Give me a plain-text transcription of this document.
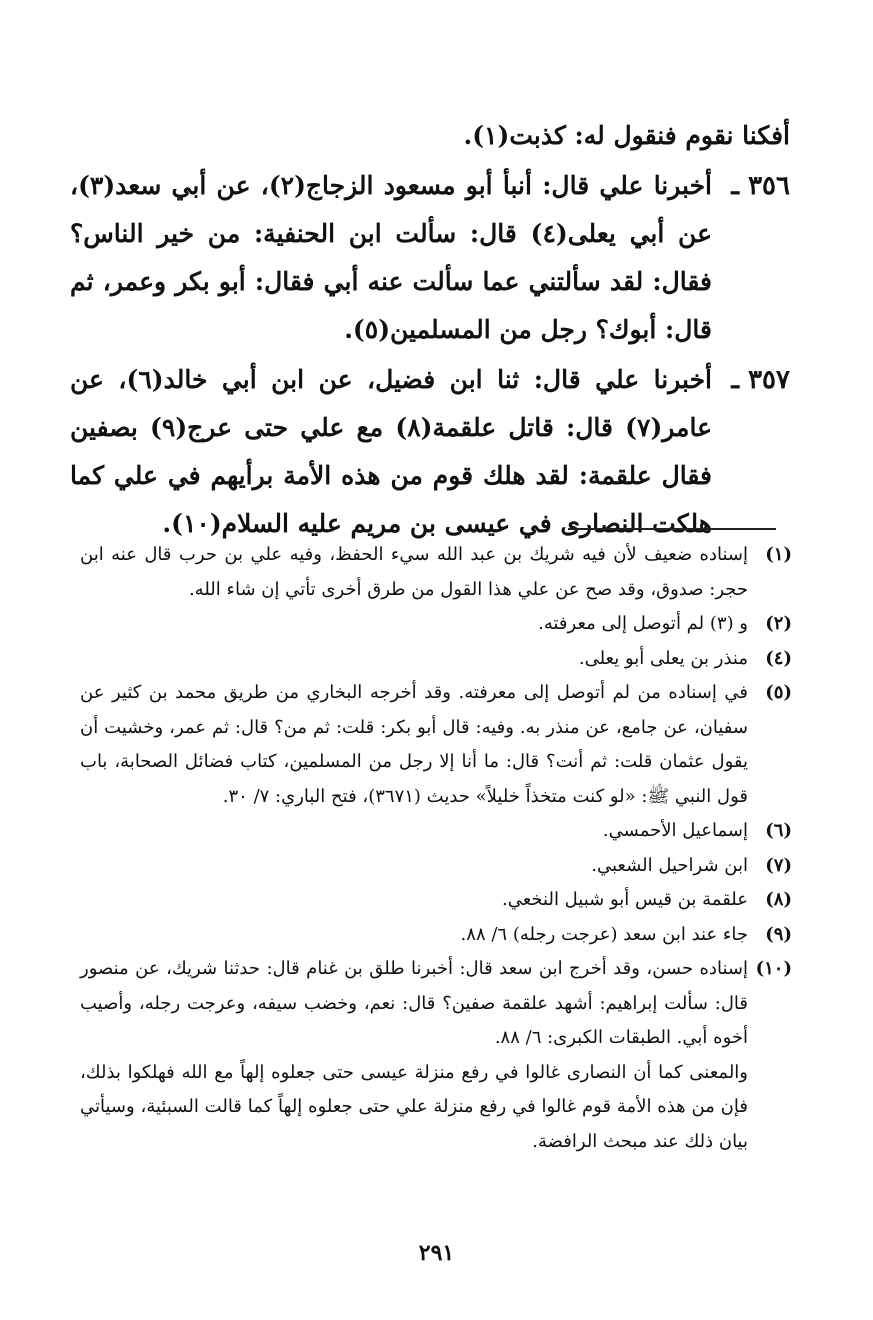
أفكنا نقوم فنقول له: كذبت(١).

٣٥٦ ـ
أخبرنا علي قال: أنبأ أبو مسعود الزجاج(٢)، عن أبي سعد(٣)، عن أبي يعلى(٤) قال: سألت ابن الحنفية: من خير الناس؟ فقال: لقد سألتني عما سألت عنه أبي فقال: أبو بكر وعمر، ثم قال: أبوك؟ رجل من المسلمين(٥).
٣٥٧ ـ
أخبرنا علي قال: ثنا ابن فضيل، عن ابن أبي خالد(٦)، عن عامر(٧) قال: قاتل علقمة(٨) مع علي حتى عرج(٩) بصفين فقال علقمة: لقد هلك قوم من هذه الأمة برأيهم في علي كما هلكت النصارى في عيسى بن مريم عليه السلام(١٠).
(١)
إسناده ضعيف لأن فيه شريك بن عبد الله سيء الحفظ، وفيه علي بن حرب قال عنه ابن حجر: صدوق، وقد صح عن علي هذا القول من طرق أخرى تأتي إن شاء الله.
(٢)
و (٣) لم أتوصل إلى معرفته.
(٤)
منذر بن يعلى أبو يعلى.
(٥)
في إسناده من لم أتوصل إلى معرفته. وقد أخرجه البخاري من طريق محمد بن كثير عن سفيان، عن جامع، عن منذر به. وفيه: قال أبو بكر: قلت: ثم من؟ قال: ثم عمر، وخشيت أن يقول عثمان قلت: ثم أنت؟ قال: ما أنا إلا رجل من المسلمين، كتاب فضائل الصحابة، باب قول النبي ﷺ: «لو كنت متخذاً خليلاً» حديث (٣٦٧١)، فتح الباري: ٧/ ٣٠.
(٦)
إسماعيل الأحمسي.
(٧)
ابن شراحيل الشعبي.
(٨)
علقمة بن قيس أبو شبيل النخعي.
(٩)
جاء عند ابن سعد (عرجت رجله) ٦/ ٨٨.
(١٠)
إسناده حسن، وقد أخرج ابن سعد قال: أخبرنا طلق بن غنام قال: حدثنا شريك، عن منصور قال: سألت إبراهيم: أشهد علقمة صفين؟ قال: نعم، وخضب سيفه، وعرجت رجله، وأصيب أخوه أبي. الطبقات الكبرى: ٦/ ٨٨.
والمعنى كما أن النصارى غالوا في رفع منزلة عيسى حتى جعلوه إلهاً مع الله فهلكوا بذلك، فإن من هذه الأمة قوم غالوا في رفع منزلة علي حتى جعلوه إلهاً كما قالت السبئية، وسيأتي بيان ذلك عند مبحث الرافضة.
٢٩١
